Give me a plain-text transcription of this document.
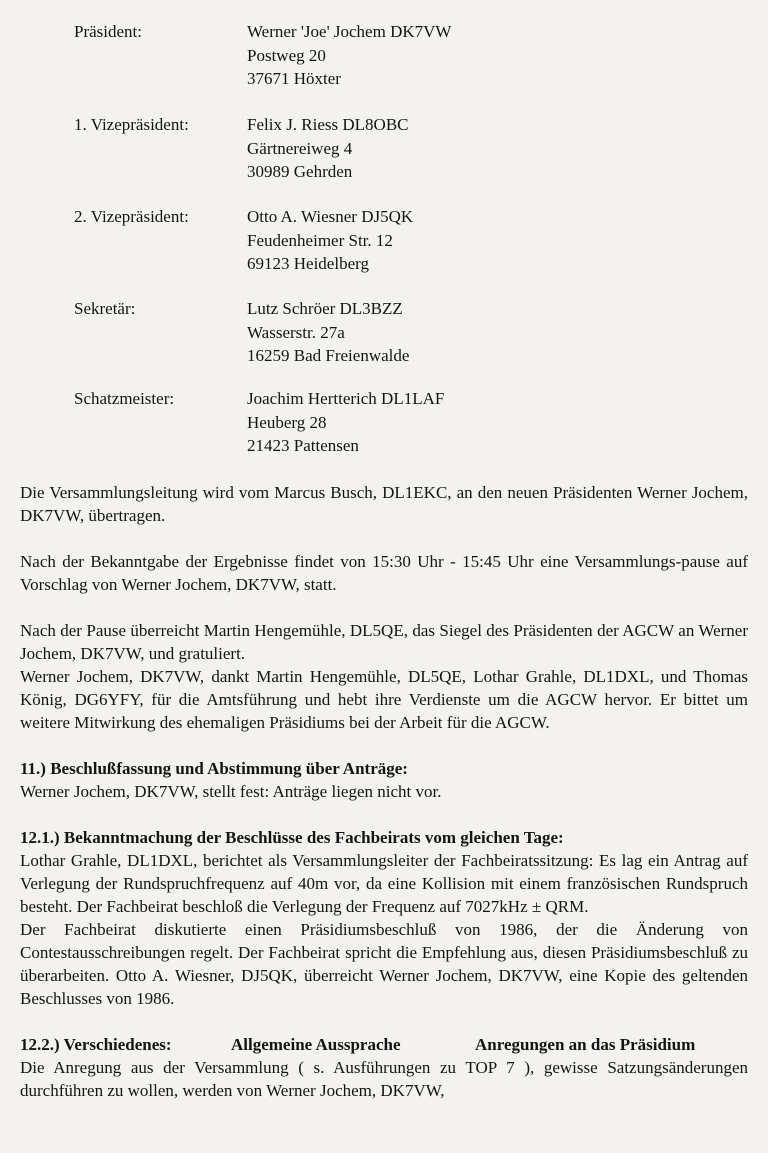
Präsident:	Werner 'Joe' Jochem DK7VW
Postweg 20
37671 Höxter
1. Vizepräsident:	Felix J. Riess DL8OBC
Gärtnereiweg 4
30989 Gehrden
2. Vizepräsident:	Otto A. Wiesner DJ5QK
Feudenheimer Str. 12
69123 Heidelberg
Sekretär:	Lutz Schröer DL3BZZ
Wasserstr. 27a
16259 Bad Freienwalde
Schatzmeister:	Joachim Hertterich DL1LAF
Heuberg 28
21423 Pattensen

Die Versammlungsleitung wird vom Marcus Busch, DL1EKC, an den neuen Präsidenten Werner Jochem, DK7VW, übertragen.

Nach der Bekanntgabe der Ergebnisse findet von 15:30 Uhr - 15:45 Uhr eine Versammlungs-pause auf Vorschlag von Werner Jochem, DK7VW, statt.

Nach der Pause überreicht Martin Hengemühle, DL5QE, das Siegel des Präsidenten der AGCW an Werner Jochem, DK7VW, und gratuliert.

Werner Jochem, DK7VW, dankt Martin Hengemühle, DL5QE, Lothar Grahle, DL1DXL, und Thomas König, DG6YFY, für die Amtsführung und hebt ihre Verdienste um die AGCW hervor. Er bittet um weitere Mitwirkung des ehemaligen Präsidiums bei der Arbeit für die AGCW.

11.) Beschlußfassung und Abstimmung über Anträge:

Werner Jochem, DK7VW, stellt fest: Anträge liegen nicht vor.

12.1.) Bekanntmachung der Beschlüsse des Fachbeirats vom gleichen Tage:

Lothar Grahle, DL1DXL, berichtet als Versammlungsleiter der Fachbeiratssitzung: Es lag ein Antrag auf Verlegung der Rundspruchfrequenz auf 40m vor, da eine Kollision mit einem französischen Rundspruch besteht. Der Fachbeirat beschloß die Verlegung der Frequenz auf 7027kHz ± QRM.

Der Fachbeirat diskutierte einen Präsidiumsbeschluß von 1986, der die Änderung von Contestausschreibungen regelt. Der Fachbeirat spricht die Empfehlung aus, diesen Präsidiumsbeschluß zu überarbeiten. Otto A. Wiesner, DJ5QK, überreicht Werner Jochem, DK7VW, eine Kopie des geltenden Beschlusses von 1986.

12.2.) Verschiedenes:	Allgemeine Aussprache	Anregungen an das Präsidium

Die Anregung aus der Versammlung ( s. Ausführungen zu TOP 7 ), gewisse Satzungsänderungen durchführen zu wollen, werden von Werner Jochem, DK7VW,
